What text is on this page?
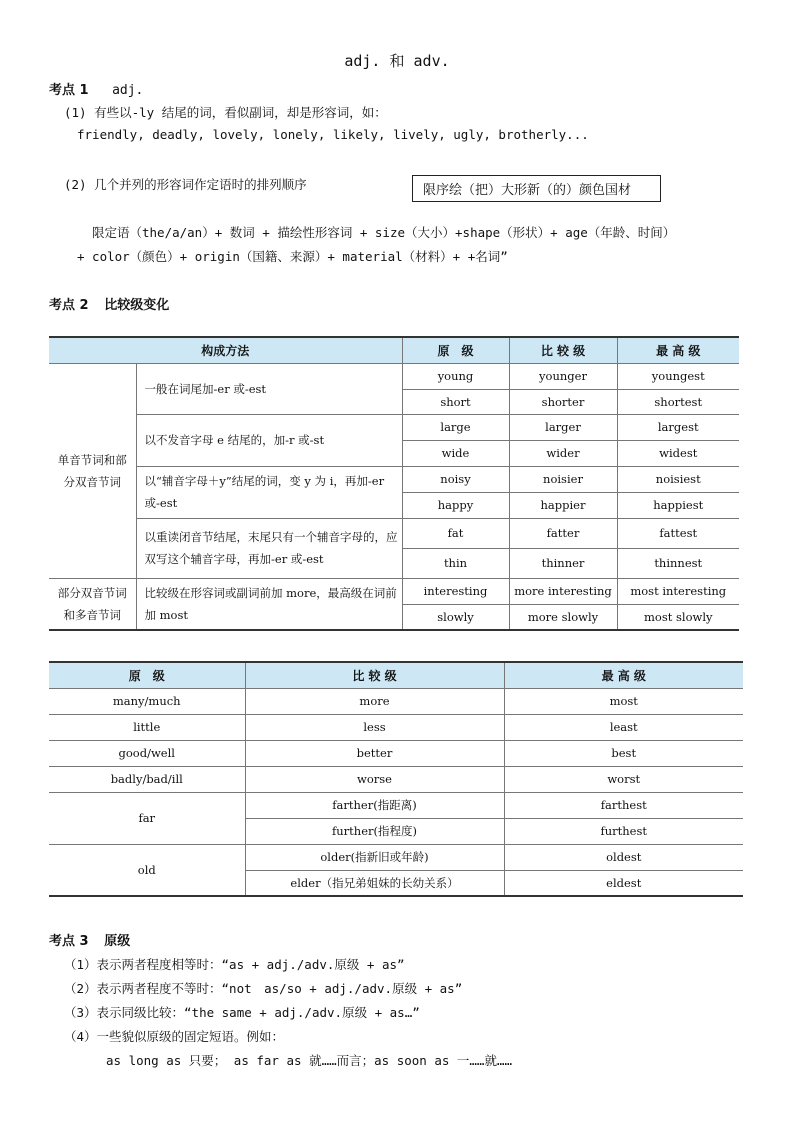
adj. 和 adv.
考点 1 adj.
(1) 有些以-ly 结尾的词，看似副词，却是形容词，如：
friendly, deadly, lovely, lonely, likely, lively, ugly, brotherly...
(2) 几个并列的形容词作定语时的排列顺序	限序绘（把）大形新（的）颜色国材
限定语（the/a/an）+ 数词 + 描绘性形容词 + size（大小）+shape（形状）+ age（年龄、时间）
+ color（颜色）+ origin（国籍、来源）+ material（材料）+ +名词”
考点 2 比较级变化
构成方法		原　级	比 较 级	最 高 级
单音节词和部分双音节词	一般在词尾加-er 或-est	young	younger	youngest
		short	shorter	shortest
	以不发音字母 e 结尾的，加-r 或-st	large	larger	largest
		wide	wider	widest
	以“辅音字母＋y”结尾的词，变 y 为 i，再加-er 或-est	noisy	noisier	noisiest
		happy	happier	happiest
	以重读闭音节结尾，末尾只有一个辅音字母的，应双写这个辅音字母，再加-er 或-est	fat	fatter	fattest
		thin	thinner	thinnest
部分双音节词和多音节词	比较级在形容词或副词前加 more，最高级在词前加 most	interesting	more interesting	most interesting
		slowly	more slowly	most slowly
原　级	比 较 级	最 高 级
many/much	more	most
little	less	least
good/well	better	best
badly/bad/ill	worse	worst
far	farther(指距离)	farthest
	further(指程度)	furthest
old	older(指新旧或年龄)	oldest
	elder（指兄弟姐妹的长幼关系）	eldest
考点 3 原级
（1）表示两者程度相等时：“as + adj./adv.原级 + as”
（2）表示两者程度不等时：“not　as/so + adj./adv.原级 + as”
（3）表示同级比较：“the same + adj./adv.原级 + as…”
（4）一些貌似原级的固定短语。例如：
as long as 只要； as far as 就……而言；as soon as 一……就……
